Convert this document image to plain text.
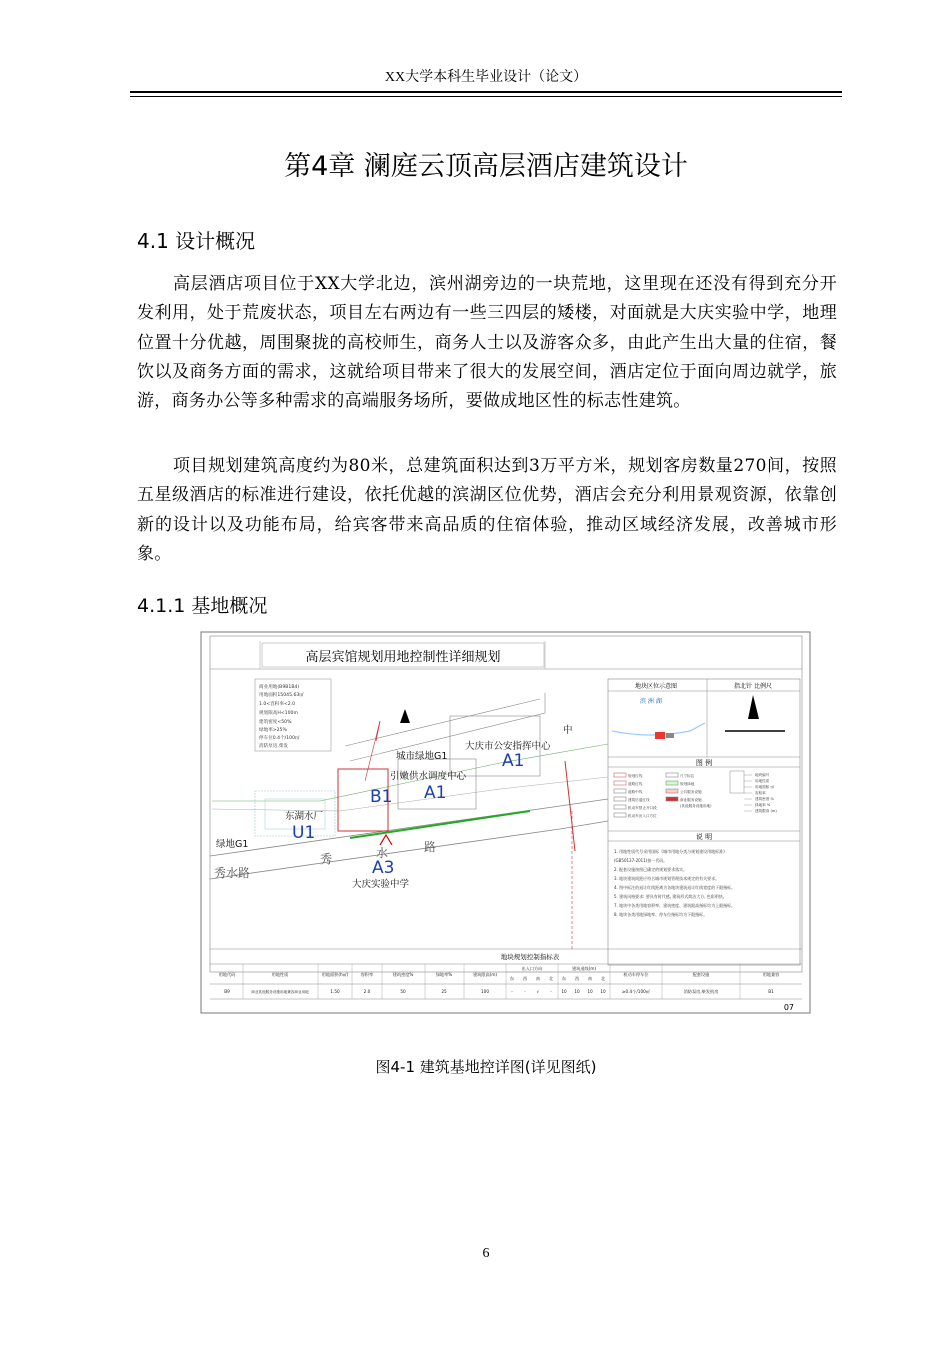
XX大学本科生毕业设计（论文）
第4章 澜庭云顶高层酒店建筑设计
4.1 设计概况
高层酒店项目位于XX大学北边，滨州湖旁边的一块荒地，这里现在还没有得到充分开发利用，处于荒废状态，项目左右两边有一些三四层的矮楼，对面就是大庆实验中学，地理位置十分优越，周围聚拢的高校师生，商务人士以及游客众多，由此产生出大量的住宿，餐饮以及商务方面的需求，这就给项目带来了很大的发展空间，酒店定位于面向周边就学，旅游，商务办公等多种需求的高端服务场所，要做成地区性的标志性建筑。
项目规划建筑高度约为80米，总建筑面积达到3万平方米，规划客房数量270间，按照五星级酒店的标准进行建设，依托优越的滨湖区位优势，酒店会充分利用景观资源，依靠创新的设计以及功能布局，给宾客带来高品质的住宿体验，推动区域经济发展，改善城市形象。
4.1.1 基地概况
高层宾馆规划用地控制性详细规划
地块区位示意图	指北针 比例尺
滨 洲 湖
图 例
规划红线
道路红线
道路中线
建筑后退红线
机动车禁止开口段
机动车出入口方位
尺寸标注
规划绿地
公共服务设施
商业服务设施
(其他服务设施用地)
地块编号
用地性质
用地面积 ㎡
容积率
建筑密度 %
绿地率 %
建筑限高 (m)
说 明
1. 用地性质代号采用国标《城市用地分类与规划建设用地标准》
(GB50137-2011)按一代码。
2. 配套设施按照已确定的规划要求落实。
3. 地块建筑间距应符合城市规划管理技术规定的有关要求。
4. 图中标注的退让红线距离为各地块建筑退让红线宽度的下限指标。
5. 建筑风格要求: 要具有时代感, 建筑形式简洁大方, 色彩明快。
7. 地块中各类用地容积率、建筑密度、建筑限高指标均为上限指标。
8. 地块各类用地绿地率、停车位指标均为下限指标。
商业用地(B9B1B4)
用地面积15045.63㎡
1.0<容积率<2.0
规划限高H<100m
建筑密度<50%
绿地率>25%
停车位0.4个/100㎡
消防泵房,柴发
城市绿地G1
大庆市公安指挥中心
引嫩供水调度中心
东湖水厂
绿地G1
大庆实验中学
中
秀水路
秀	水	路
B1 A1
A1
U1
A3
地块规划控制指标表
用地代码	用地性质	用地面积(h㎡)	容积率	建筑密度%	绿地率%	建筑限高(m)
出入口方向	建筑退线(m)
机动车停车位	配套设施	用地兼容
东 西 南 北 东 西 南 北
B9	商业其他服务设施用地兼容商业用地	1.50	2.0	50	25	100	-	-	√	- 10 10 10 10	≥0.4个/100㎡	消防泵房,柴发机房	B1
07
图4-1 建筑基地控详图(详见图纸)
6
